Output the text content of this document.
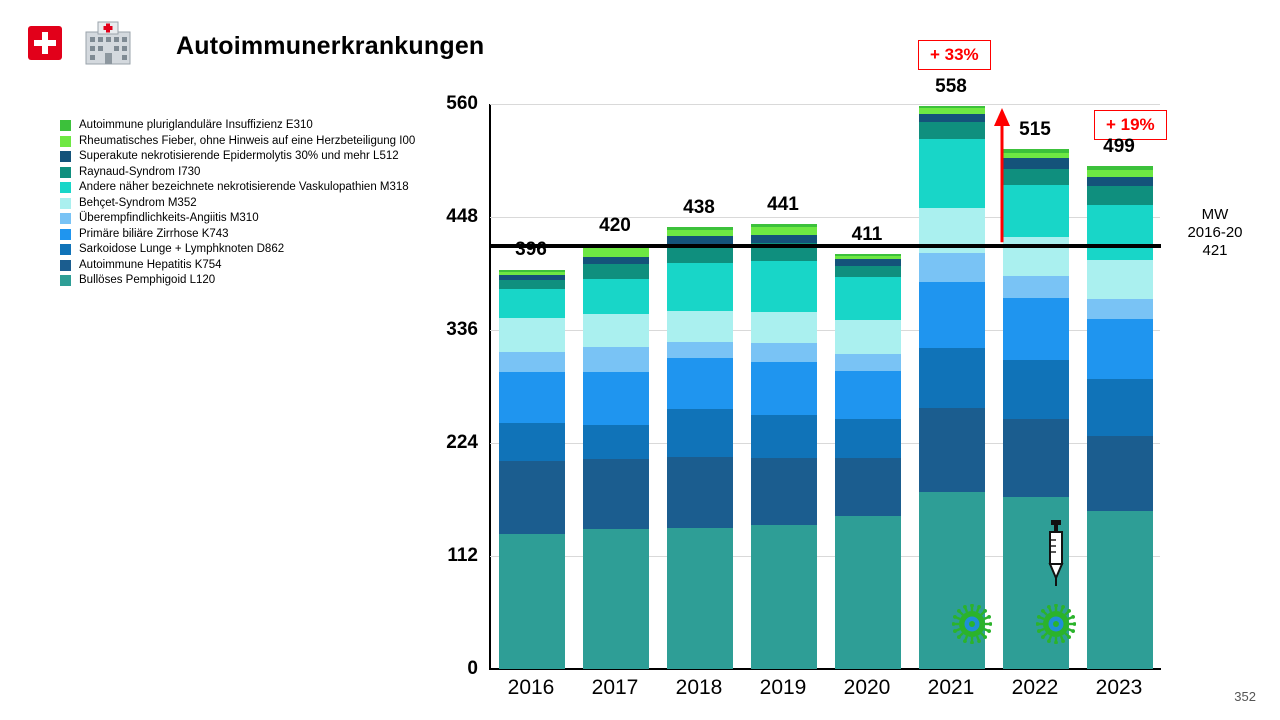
Autoimmunerkrankungen
Autoimmune pluriglanduläre Insuffizienz E310
Rheumatisches Fieber, ohne Hinweis auf eine Herzbeteiligung I00
Superakute nekrotisierende Epidermolytis 30% und mehr L512
Raynaud-Syndrom I730
Andere näher bezeichnete nekrotisierende Vaskulopathien M318
Behçet-Syndrom M352
Überempfindlichkeits-Angiitis M310
Primäre biliäre Zirrhose K743
Sarkoidose Lunge + Lymphknoten D862
Autoimmune Hepatitis K754
Bullöses Pemphigoid L120
0
112
224
336
448
560
MW
2016-20
421
+ 33%
+ 19%
352
396
2016
420
2017
438
2018
441
2019
411
2020
558
2021
515
2022
499
2023
